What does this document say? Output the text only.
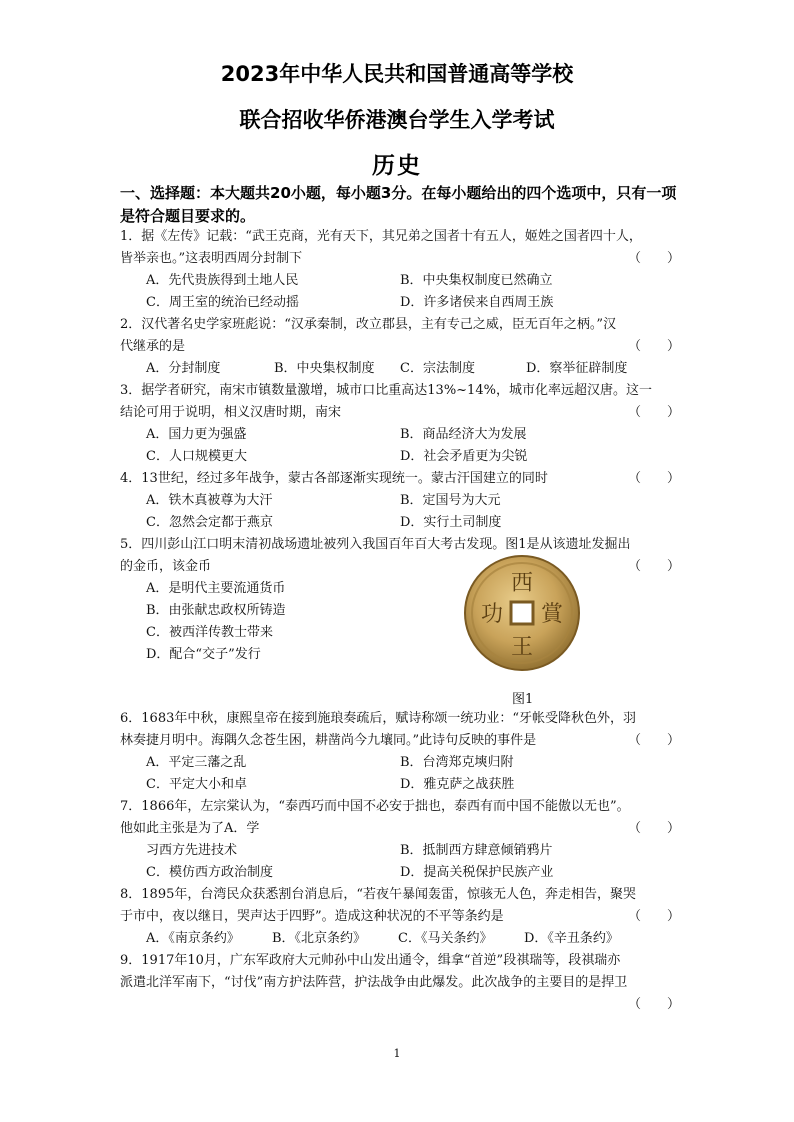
2023年中华人民共和国普通高等学校
联合招收华侨港澳台学生入学考试
历史
一、选择题：本大题共20小题，每小题3分。在每小题给出的四个选项中，只有一项是符合题目要求的。
1．据《左传》记载：“武王克商，光有天下，其兄弟之国者十有五人，姬姓之国者四十人，
皆举亲也。”这表明西周分封制下	（　　）
A．先代贵族得到土地人民	B．中央集权制度已然确立
C．周王室的统治已经动摇	D．许多诸侯来自西周王族
2．汉代著名史学家班彪说：“汉承秦制，改立郡县，主有专己之威，臣无百年之柄。”汉
代继承的是	（　　）
A．分封制度	B．中央集权制度 C．宗法制度	D．察举征辟制度
3．据学者研究，南宋市镇数量激增，城市口比重高达13%~14%，城市化率远超汉唐。这一
结论可用于说明，相义汉唐时期，南宋	（　　）
A．国力更为强盛	B．商品经济大为发展
C．人口规模更大	D．社会矛盾更为尖锐
4．13世纪，经过多年战争，蒙古各部逐渐实现统一。蒙古汗国建立的同时	（　　）
A．铁木真被尊为大汗	B．定国号为大元
C．忽然会定都于燕京	D．实行土司制度
5．四川彭山江口明末清初战场遗址被列入我国百年百大考古发现。图1是从该遗址发掘出
的金币，该金币	（　　）
A．是明代主要流通货币
B．由张献忠政权所铸造
C．被西洋传教士带来
D．配合“交子”发行
西
賞
王
功
图1
6．1683年中秋，康熙皇帝在接到施琅奏疏后，赋诗称颂一统功业：“牙帐受降秋色外，羽
林奏捷月明中。海隅久念苍生困，耕凿尚今九壤同。”此诗句反映的事件是	（　　）
A．平定三藩之乱	B．台湾郑克塽归附
C．平定大小和卓	D．雅克萨之战获胜
7．1866年，左宗棠认为，“泰西巧而中国不必安于拙也，泰西有而中国不能傲以无也”。
他如此主张是为了A．学	（　　）
习西方先进技术	B．抵制西方肆意倾销鸦片
C．模仿西方政治制度	D．提高关税保护民族产业
8．1895年，台湾民众获悉割台消息后，“若夜午暴闻轰雷，惊骇无人色，奔走相告，聚哭
于市中，夜以继日，哭声达于四野”。造成这种状况的不平等条约是	（　　）
A．《南京条约》 B．《北京条约》 C．《马关条约》 D．《辛丑条约》
9．1917年10月，广东军政府大元帅孙中山发出通令，缉拿“首逆”段祺瑞等，段祺瑞亦
派遣北洋军南下，“讨伐”南方护法阵营，护法战争由此爆发。此次战争的主要目的是捍卫
（　　）
1
